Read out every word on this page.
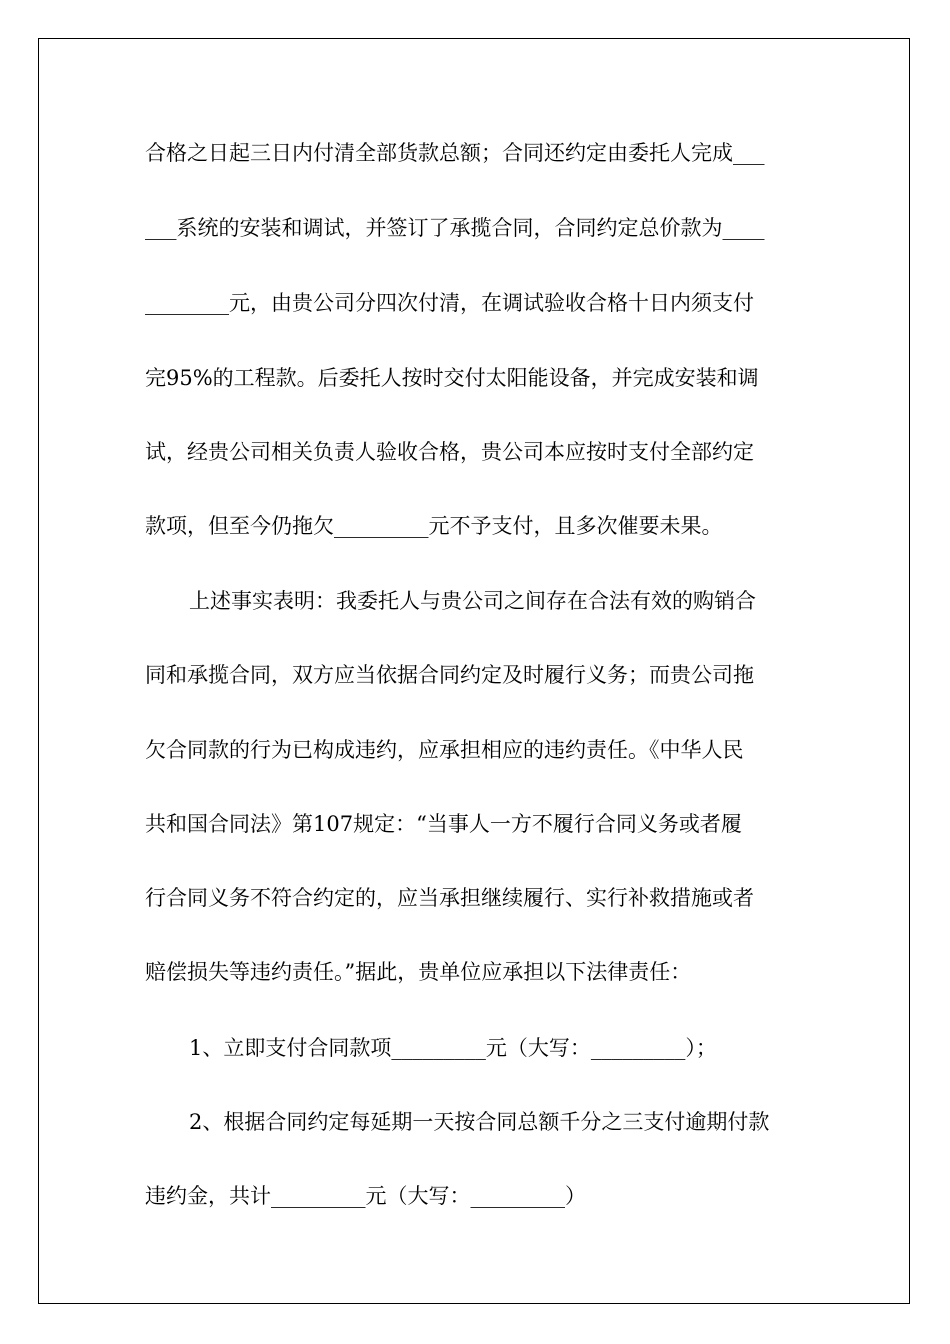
合格之日起三日内付清全部货款总额；合同还约定由委托人完成___
___系统的安装和调试，并签订了承揽合同，合同约定总价款为____
________元，由贵公司分四次付清，在调试验收合格十日内须支付
完95%的工程款。后委托人按时交付太阳能设备，并完成安装和调
试，经贵公司相关负责人验收合格，贵公司本应按时支付全部约定
款项，但至今仍拖欠_________元不予支付，且多次催要未果。
上述事实表明：我委托人与贵公司之间存在合法有效的购销合
同和承揽合同，双方应当依据合同约定及时履行义务；而贵公司拖
欠合同款的行为已构成违约，应承担相应的违约责任。《中华人民
共和国合同法》第107规定：“当事人一方不履行合同义务或者履
行合同义务不符合约定的，应当承担继续履行、实行补救措施或者
赔偿损失等违约责任。”据此，贵单位应承担以下法律责任：
1、立即支付合同款项_________元（大写：_________）；
2、根据合同约定每延期一天按合同总额千分之三支付逾期付款
违约金，共计_________元（大写：_________）
